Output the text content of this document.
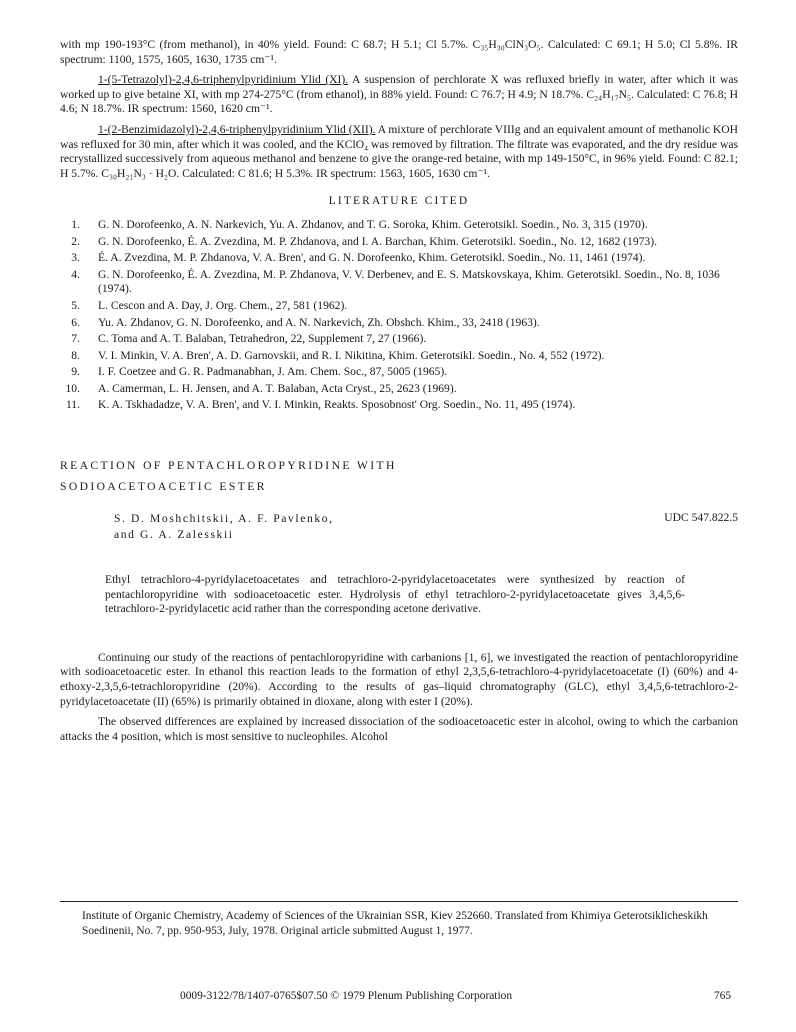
with mp 190-193°C (from methanol), in 40% yield. Found: C 68.7; H 5.1; Cl 5.7%. C₃₅H₃₀ClN₃O₅. Calculated: C 69.1; H 5.0; Cl 5.8%. IR spectrum: 1100, 1575, 1605, 1630, 1735 cm⁻¹.

1-(5-Tetrazolyl)-2,4,6-triphenylpyridinium Ylid (XI). A suspension of perchlorate X was refluxed briefly in water, after which it was worked up to give betaine XI, with mp 274-275°C (from ethanol), in 88% yield. Found: C 76.7; H 4.9; N 18.7%. C₂₄H₁₇N₅. Calculated: C 76.8; H 4.6; N 18.7%. IR spectrum: 1560, 1620 cm⁻¹.

1-(2-Benzimidazolyl)-2,4,6-triphenylpyridinium Ylid (XII). A mixture of perchlorate VIIIg and an equivalent amount of methanolic KOH was refluxed for 30 min, after which it was cooled, and the KClO₄ was removed by filtration. The filtrate was evaporated, and the dry residue was recrystallized successively from aqueous methanol and benzene to give the orange-red betaine, with mp 149-150°C, in 96% yield. Found: C 82.1; H 5.7%. C₃₀H₂₁N₃ · H₂O. Calculated: C 81.6; H 5.3%. IR spectrum: 1563, 1605, 1630 cm⁻¹.

LITERATURE CITED
1. G. N. Dorofeenko, A. N. Narkevich, Yu. A. Zhdanov, and T. G. Soroka, Khim. Geterotsikl. Soedin., No. 3, 315 (1970).
2. G. N. Dorofeenko, É. A. Zvezdina, M. P. Zhdanova, and I. A. Barchan, Khim. Geterotsikl. Soedin., No. 12, 1682 (1973).
3. É. A. Zvezdina, M. P. Zhdanova, V. A. Bren', and G. N. Dorofeenko, Khim. Geterotsikl. Soedin., No. 11, 1461 (1974).
4. G. N. Dorofeenko, É. A. Zvezdina, M. P. Zhdanova, V. V. Derbenev, and E. S. Matskovskaya, Khim. Geterotsikl. Soedin., No. 8, 1036 (1974).
5. L. Cescon and A. Day, J. Org. Chem., 27, 581 (1962).
6. Yu. A. Zhdanov, G. N. Dorofeenko, and A. N. Narkevich, Zh. Obshch. Khim., 33, 2418 (1963).
7. C. Toma and A. T. Balaban, Tetrahedron, 22, Supplement 7, 27 (1966).
8. V. I. Minkin, V. A. Bren', A. D. Garnovskii, and R. I. Nikitina, Khim. Geterotsikl. Soedin., No. 4, 552 (1972).
9. I. F. Coetzee and G. R. Padmanabhan, J. Am. Chem. Soc., 87, 5005 (1965).
10. A. Camerman, L. H. Jensen, and A. T. Balaban, Acta Cryst., 25, 2623 (1969).
11. K. A. Tskhadadze, V. A. Bren', and V. I. Minkin, Reakts. Sposobnost' Org. Soedin., No. 11, 495 (1974).
REACTION OF PENTACHLOROPYRIDINE WITH
SODIOACETOACETIC ESTER
S. D. Moshchitskii, A. F. Pavlenko,
and G. A. Zalesskii
UDC 547.822.5

Ethyl tetrachloro-4-pyridylacetoacetates and tetrachloro-2-pyridylacetoacetates were synthesized by reaction of pentachloropyridine with sodioacetoacetic ester. Hydrolysis of ethyl tetrachloro-2-pyridylacetoacetate gives 3,4,5,6-tetrachloro-2-pyridylacetic acid rather than the corresponding acetone derivative.

Continuing our study of the reactions of pentachloropyridine with carbanions [1, 6], we investigated the reaction of pentachloropyridine with sodioacetoacetic ester. In ethanol this reaction leads to the formation of ethyl 2,3,5,6-tetrachloro-4-pyridylacetoacetate (I) (60%) and 4-ethoxy-2,3,5,6-tetrachloropyridine (20%). According to the results of gas–liquid chromatography (GLC), ethyl 3,4,5,6-tetrachloro-2-pyridylacetoacetate (II) (65%) is primarily obtained in dioxane, along with ester I (20%).

The observed differences are explained by increased dissociation of the sodioacetoacetic ester in alcohol, owing to which the carbanion attacks the 4 position, which is most sensitive to nucleophiles. Alcohol

Institute of Organic Chemistry, Academy of Sciences of the Ukrainian SSR, Kiev 252660. Translated from Khimiya Geterotsiklicheskikh Soedinenii, No. 7, pp. 950-953, July, 1978. Original article submitted August 1, 1977.

0009-3122/78/1407-0765$07.50 © 1979 Plenum Publishing Corporation	765
